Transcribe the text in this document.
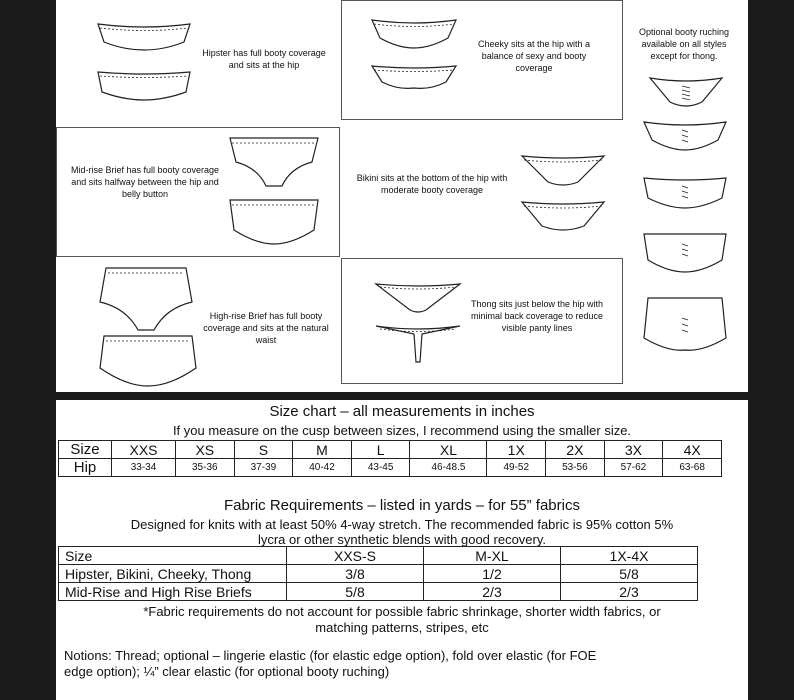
Hipster has full booty coverage and sits at the hip
Cheeky sits at the hip with a balance of sexy and booty coverage
Optional booty ruching available on all styles except for thong.
Mid-rise Brief has full booty coverage and sits halfway between the hip and belly button
Bikini sits at the bottom of the hip with moderate booty coverage
High-rise Brief has full booty coverage and sits at the natural waist
Thong sits just below the hip with minimal back coverage to reduce visible panty lines
Size chart – all measurements in inches
If you measure on the cusp between sizes, I recommend using the smaller size.
Size	XXS	XS	S	M	L	XL	1X	2X	3X	4X
Hip	33-34	35-36	37-39	40-42	43-45	46-48.5	49-52	53-56	57-62	63-68
Fabric Requirements – listed in yards – for 55” fabrics
Designed for knits with at least 50% 4-way stretch. The recommended fabric is 95% cotton 5%
lycra or other synthetic blends with good recovery.
Size	XXS-S	M-XL	1X-4X
Hipster, Bikini, Cheeky, Thong	3/8	1/2	5/8
Mid-Rise and High Rise Briefs	5/8	2/3	2/3
*Fabric requirements do not account for possible fabric shrinkage, shorter width fabrics, or
matching patterns, stripes, etc
Notions: Thread; optional – lingerie elastic (for elastic edge option), fold over elastic (for FOE
edge option); ¼” clear elastic (for optional booty ruching)
